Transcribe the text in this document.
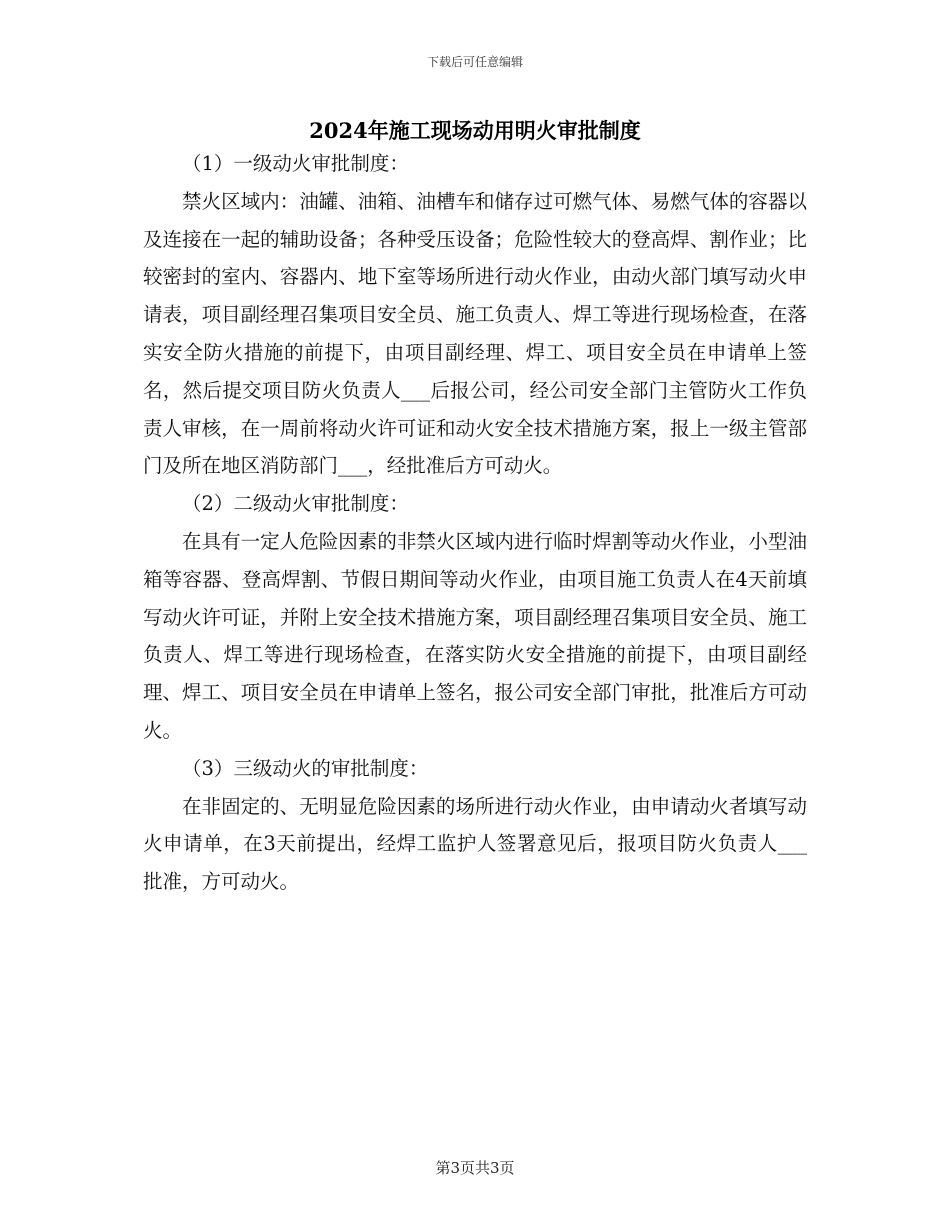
下载后可任意编辑
2024年施工现场动用明火审批制度

（1）一级动火审批制度：

禁火区域内：油罐、油箱、油槽车和储存过可燃气体、易燃气体的容器以及连接在一起的辅助设备；各种受压设备；危险性较大的登高焊、割作业；比较密封的室内、容器内、地下室等场所进行动火作业，由动火部门填写动火申请表，项目副经理召集项目安全员、施工负责人、焊工等进行现场检查，在落实安全防火措施的前提下，由项目副经理、焊工、项目安全员在申请单上签名，然后提交项目防火负责人___后报公司，经公司安全部门主管防火工作负责人审核，在一周前将动火许可证和动火安全技术措施方案，报上一级主管部门及所在地区消防部门___，经批准后方可动火。

（2）二级动火审批制度：

在具有一定人危险因素的非禁火区域内进行临时焊割等动火作业，小型油箱等容器、登高焊割、节假日期间等动火作业，由项目施工负责人在4天前填写动火许可证，并附上安全技术措施方案，项目副经理召集项目安全员、施工负责人、焊工等进行现场检查，在落实防火安全措施的前提下，由项目副经理、焊工、项目安全员在申请单上签名，报公司安全部门审批，批准后方可动火。

（3）三级动火的审批制度：

在非固定的、无明显危险因素的场所进行动火作业，由申请动火者填写动火申请单，在3天前提出，经焊工监护人签署意见后，报项目防火负责人___批准，方可动火。

第3页共3页
